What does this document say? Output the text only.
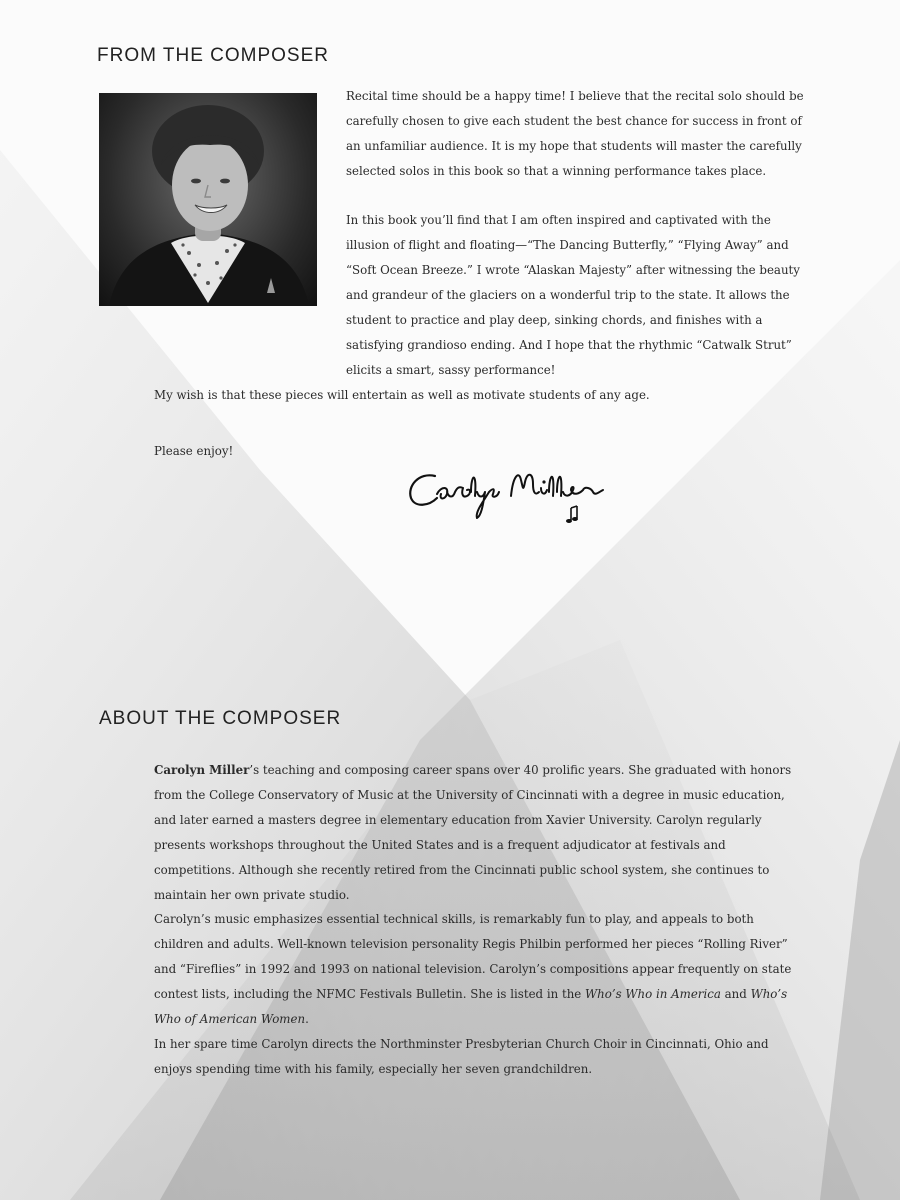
FROM THE COMPOSER

Recital time should be a happy time! I believe that the recital solo should be carefully chosen to give each student the best chance for success in front of an unfamiliar audience. It is my hope that students will master the carefully selected solos in this book so that a winning performance takes place.

In this book you’ll find that I am often inspired and captivated with the illusion of flight and floating—“The Dancing Butterfly,” “Flying Away” and “Soft Ocean Breeze.” I wrote “Alaskan Majesty” after witnessing the beauty and grandeur of the glaciers on a wonderful trip to the state. It allows the student to practice and play deep, sinking chords, and finishes with a satisfying grandioso ending. And I hope that the rhythmic “Catwalk Strut” elicits a smart, sassy performance!

My wish is that these pieces will entertain as well as motivate students of any age.

Please enjoy!

ABOUT THE COMPOSER

Carolyn Miller’s teaching and composing career spans over 40 prolific years. She graduated with honors from the College Conservatory of Music at the University of Cincinnati with a degree in music education, and later earned a masters degree in elementary education from Xavier University. Carolyn regularly presents workshops throughout the United States and is a frequent adjudicator at festivals and competitions. Although she recently retired from the Cincinnati public school system, she continues to maintain her own private studio.

Carolyn’s music emphasizes essential technical skills, is remarkably fun to play, and appeals to both children and adults. Well-known television personality Regis Philbin performed her pieces “Rolling River” and “Fireflies” in 1992 and 1993 on national television. Carolyn’s compositions appear frequently on state contest lists, including the NFMC Festivals Bulletin. She is listed in the Who’s Who in America and Who’s Who of American Women.

In her spare time Carolyn directs the Northminster Presbyterian Church Choir in Cincinnati, Ohio and enjoys spending time with his family, especially her seven grandchildren.
